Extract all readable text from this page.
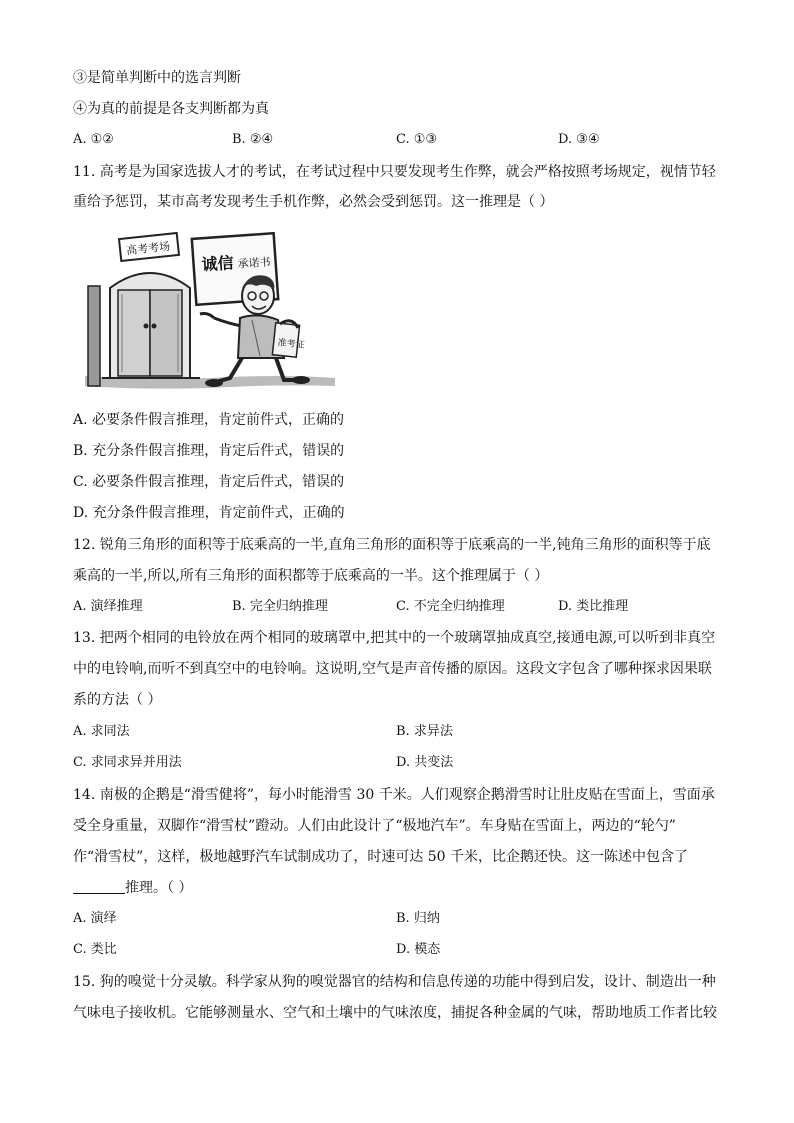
③是简单判断中的选言判断
④为真的前提是各支判断都为真
A. ①②	B. ②④	C. ①③	D. ③④
11. 高考是为国家选拔人才的考试，在考试过程中只要发现考生作弊，就会严格按照考场规定，视情节轻
重给予惩罚，某市高考发现考生手机作弊，必然会受到惩罚。这一推理是（ ）
高考考场
诚信 承诺书
准考证
A. 必要条件假言推理，肯定前件式，正确的
B. 充分条件假言推理，肯定后件式，错误的
C. 必要条件假言推理，肯定后件式，错误的
D. 充分条件假言推理，肯定前件式，正确的
12. 锐角三角形的面积等于底乘高的一半,直角三角形的面积等于底乘高的一半,钝角三角形的面积等于底
乘高的一半,所以,所有三角形的面积都等于底乘高的一半。这个推理属于（ ）
A. 演绎推理	B. 完全归纳推理	C. 不完全归纳推理	D. 类比推理
13. 把两个相同的电铃放在两个相同的玻璃罩中,把其中的一个玻璃罩抽成真空,接通电源,可以听到非真空
中的电铃响,而听不到真空中的电铃响。这说明,空气是声音传播的原因。这段文字包含了哪种探求因果联
系的方法（ ）
A. 求同法	B. 求异法
C. 求同求异并用法	D. 共变法
14. 南极的企鹅是“滑雪健将”，每小时能滑雪 30 千米。人们观察企鹅滑雪时让肚皮贴在雪面上，雪面承
受全身重量，双脚作“滑雪杖”蹬动。人们由此设计了“极地汽车”。车身贴在雪面上，两边的“轮勺”
作“滑雪杖”，这样，极地越野汽车试制成功了，时速可达 50 千米，比企鹅还快。这一陈述中包含了
推理。（ ）
A. 演绎	B. 归纳
C. 类比	D. 模态
15. 狗的嗅觉十分灵敏。科学家从狗的嗅觉器官的结构和信息传递的功能中得到启发，设计、制造出一种
气味电子接收机。它能够测量水、空气和土壤中的气味浓度，捕捉各种金属的气味，帮助地质工作者比较
